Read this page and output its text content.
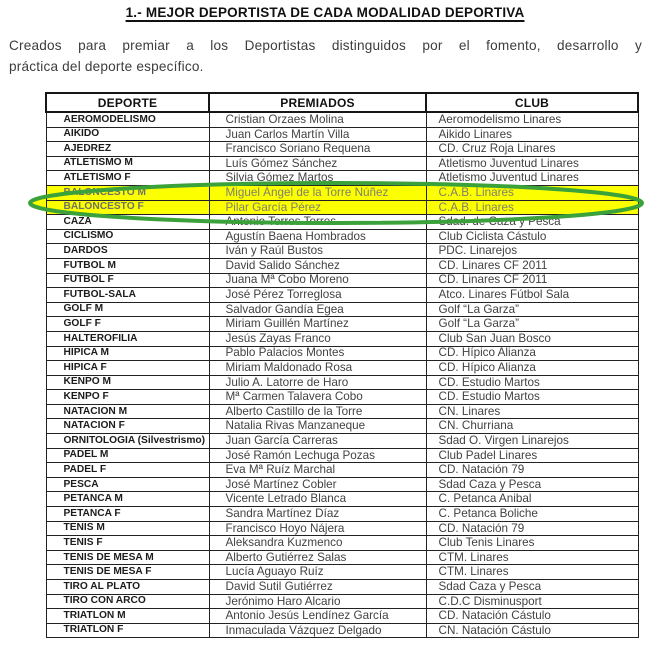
1.- MEJOR DEPORTISTA DE CADA MODALIDAD DEPORTIVA
Creados para premiar a los Deportistas distinguidos por el fomento, desarrollo y
práctica del deporte específico.
DEPORTE	PREMIADOS	CLUB
AEROMODELISMO	Cristian Orzaes Molina	Aeromodelismo Linares
AIKIDO	Juan Carlos Martín Villa	Aikido Linares
AJEDREZ	Francisco Soriano Requena	CD. Cruz Roja Linares
ATLETISMO M	Luís Gómez Sánchez	Atletismo Juventud Linares
ATLETISMO F	Silvia Gómez Martos	Atletismo Juventud Linares
BALONCESTO M	Miguel Ángel de la Torre Núñez	C.A.B. Linares
BALONCESTO F	Pilar García Pérez	C.A.B. Linares
CAZA	Antonio Torres Torres	Sdad. de Caza y Pesca
CICLISMO	Agustín Baena Hombrados	Club Ciclista Cástulo
DARDOS	Iván y Raúl Bustos	PDC. Linarejos
FUTBOL M	David Salido Sánchez	CD. Linares CF 2011
FUTBOL F	Juana Mª Cobo Moreno	CD. Linares CF 2011
FUTBOL-SALA	José Pérez Torreglosa	Atco. Linares Fútbol Sala
GOLF M	Salvador Gandía Egea	Golf “La Garza”
GOLF F	Miriam Guillén Martínez	Golf “La Garza”
HALTEROFILIA	Jesús Zayas Franco	Club San Juan Bosco
HIPICA M	Pablo Palacios Montes	CD. Hípico Alianza
HIPICA F	Miriam Maldonado Rosa	CD. Hípico Alianza
KENPO M	Julio A. Latorre de Haro	CD. Estudio Martos
KENPO F	Mª Carmen Talavera Cobo	CD. Estudio Martos
NATACION M	Alberto Castillo de la Torre	CN. Linares
NATACION F	Natalia Rivas Manzaneque	CN. Churriana
ORNITOLOGIA (Silvestrismo)	Juan García Carreras	Sdad O. Virgen Linarejos
PADEL M	José Ramón Lechuga Pozas	Club Padel Linares
PADEL F	Eva Mª Ruíz Marchal	CD. Natación 79
PESCA	José Martínez Cobler	Sdad Caza y Pesca
PETANCA M	Vicente Letrado Blanca	C. Petanca Anibal
PETANCA F	Sandra Martínez Díaz	C. Petanca Boliche
TENIS M	Francisco Hoyo Nájera	CD. Natación 79
TENIS F	Aleksandra Kuzmenco	Club Tenis Linares
TENIS DE MESA M	Alberto Gutiérrez Salas	CTM. Linares
TENIS DE MESA F	Lucía Aguayo Ruíz	CTM. Linares
TIRO AL PLATO	David Sutil Gutiérrez	Sdad Caza y Pesca
TIRO CON ARCO	Jerónimo Haro Alcario	C.D.C Disminusport
TRIATLON M	Antonio Jesús Lendínez García	CD. Natación Cástulo
TRIATLON F	Inmaculada Vázquez Delgado	CN. Natación Cástulo
